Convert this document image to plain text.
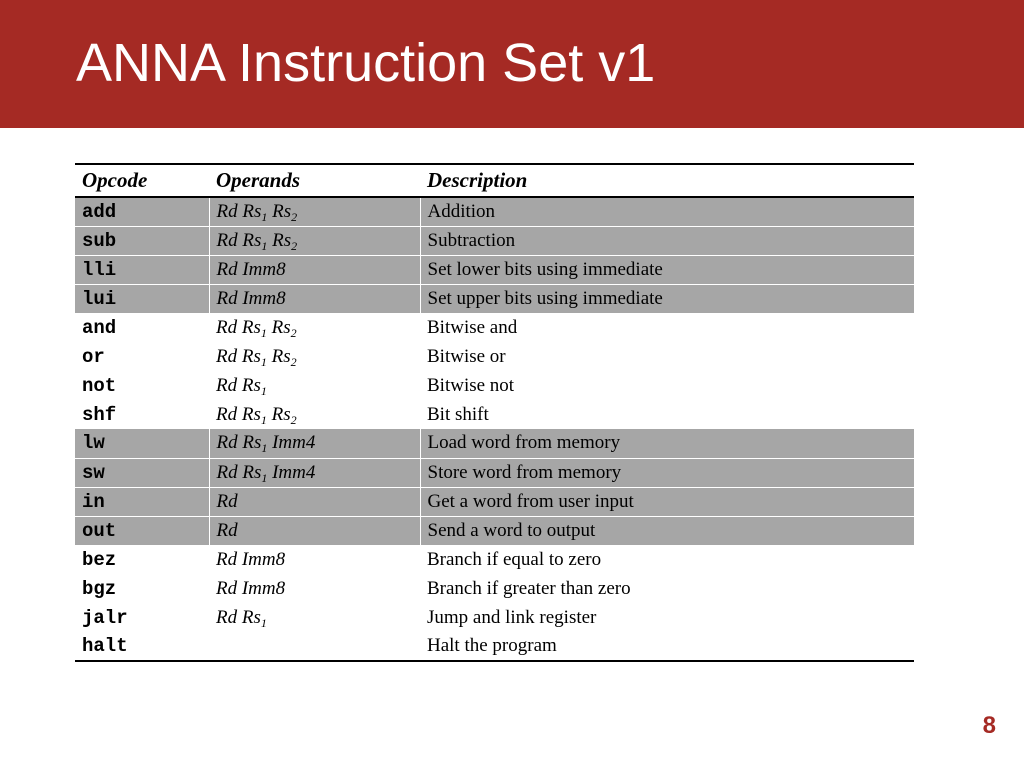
ANNA Instruction Set v1
Opcode	Operands	Description
add	Rd $Rs_1$ $Rs_2$	Addition
sub	Rd $Rs_1$ $Rs_2$	Subtraction
lli	Rd Imm8	Set lower bits using immediate
lui	Rd Imm8	Set upper bits using immediate
and	Rd $Rs_1$ $Rs_2$	Bitwise and
or	Rd $Rs_1$ $Rs_2$	Bitwise or
not	Rd $Rs_1$	Bitwise not
shf	Rd $Rs_1$ $Rs_2$	Bit shift
lw	Rd $Rs_1$ Imm4	Load word from memory
sw	Rd $Rs_1$ Imm4	Store word from memory
in	Rd	Get a word from user input
out	Rd	Send a word to output
bez	Rd Imm8	Branch if equal to zero
bgz	Rd Imm8	Branch if greater than zero
jalr	Rd $Rs_1$	Jump and link register
halt		Halt the program
8
